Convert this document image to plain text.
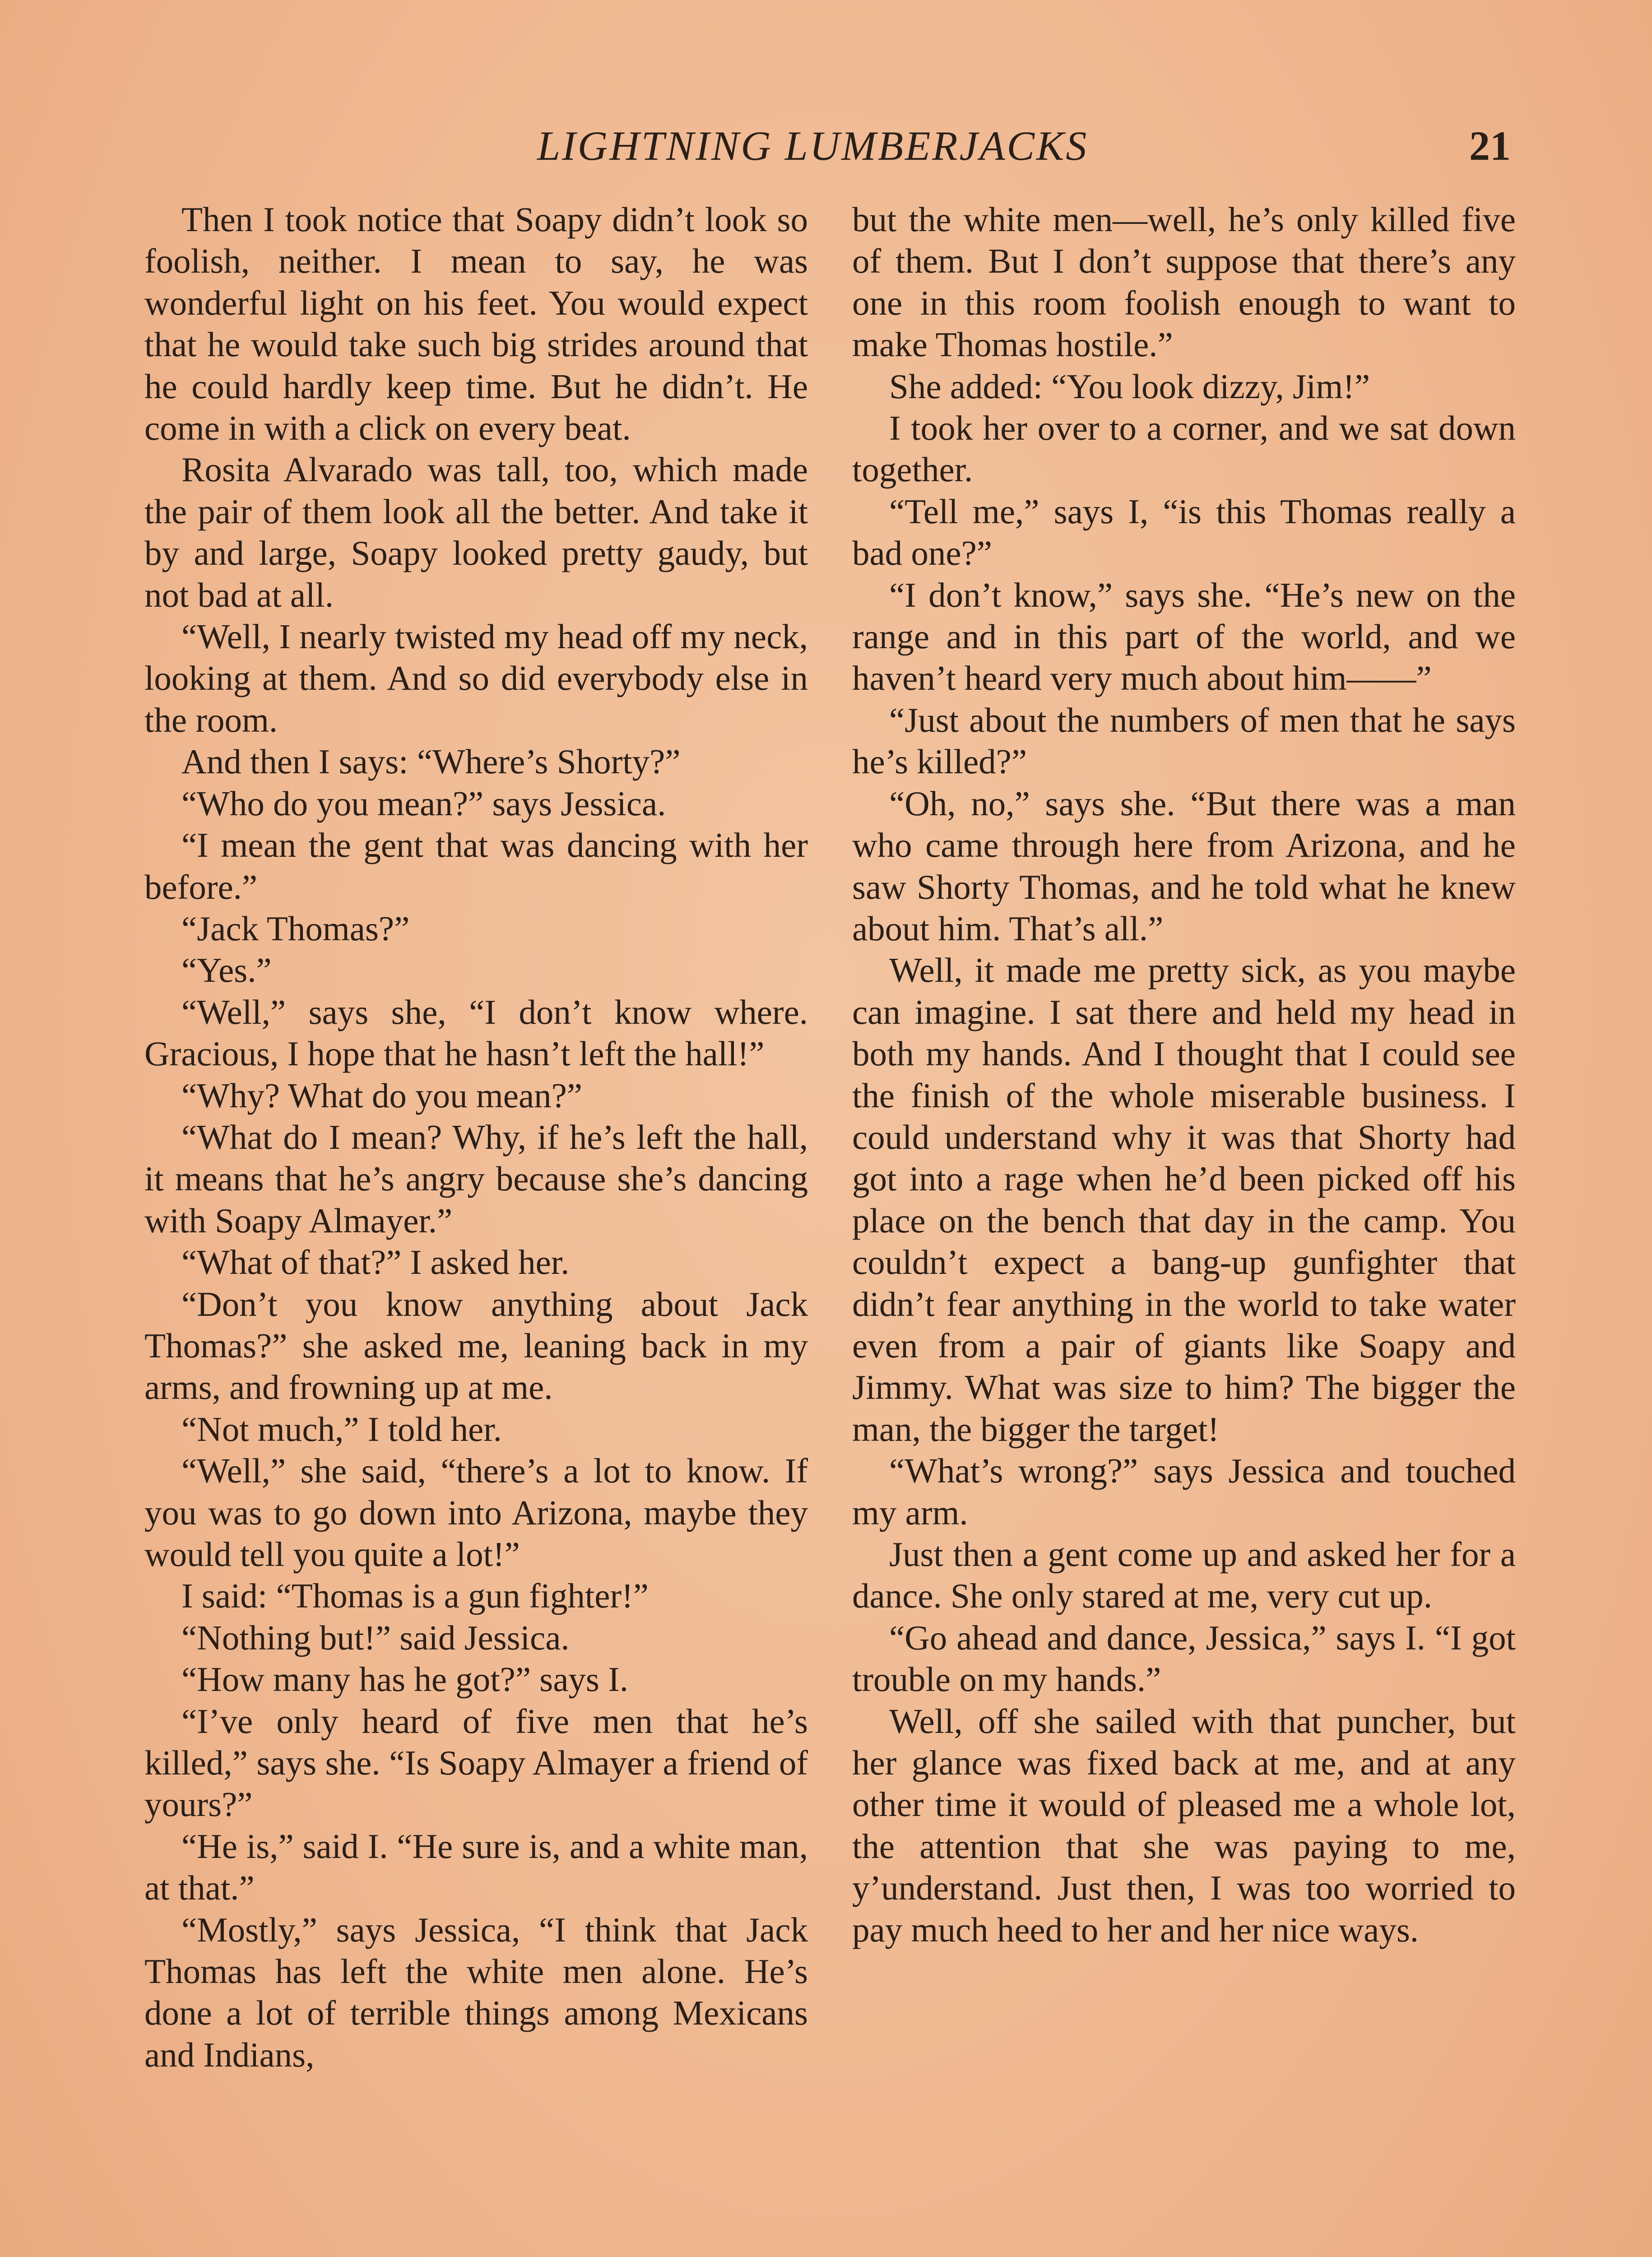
LIGHTNING LUMBERJACKS	21

Then I took notice that Soapy didn’t look so foolish, neither. I mean to say, he was wonderful light on his feet. You would expect that he would take such big strides around that he could hardly keep time. But he didn’t. He come in with a click on every beat.

Rosita Alvarado was tall, too, which made the pair of them look all the better. And take it by and large, Soapy looked pretty gaudy, but not bad at all.

“Well, I nearly twisted my head off my neck, looking at them. And so did everybody else in the room.

And then I says: “Where’s Shorty?”

“Who do you mean?” says Jessica.

“I mean the gent that was dancing with her before.”

“Jack Thomas?”

“Yes.”

“Well,” says she, “I don’t know where. Gracious, I hope that he hasn’t left the hall!”

“Why? What do you mean?”

“What do I mean? Why, if he’s left the hall, it means that he’s angry because she’s dancing with Soapy Almayer.”

“What of that?” I asked her.

“Don’t you know anything about Jack Thomas?” she asked me, leaning back in my arms, and frowning up at me.

“Not much,” I told her.

“Well,” she said, “there’s a lot to know. If you was to go down into Arizona, maybe they would tell you quite a lot!”

I said: “Thomas is a gun fighter!”

“Nothing but!” said Jessica.

“How many has he got?” says I.

“I’ve only heard of five men that he’s killed,” says she. “Is Soapy Almayer a friend of yours?”

“He is,” said I. “He sure is, and a white man, at that.”

“Mostly,” says Jessica, “I think that Jack Thomas has left the white men alone. He’s done a lot of terrible things among Mexicans and Indians,

but the white men—well, he’s only killed five of them. But I don’t suppose that there’s any one in this room foolish enough to want to make Thomas hostile.”

She added: “You look dizzy, Jim!”

I took her over to a corner, and we sat down together.

“Tell me,” says I, “is this Thomas really a bad one?”

“I don’t know,” says she. “He’s new on the range and in this part of the world, and we haven’t heard very much about him——”

“Just about the numbers of men that he says he’s killed?”

“Oh, no,” says she. “But there was a man who came through here from Arizona, and he saw Shorty Thomas, and he told what he knew about him. That’s all.”

Well, it made me pretty sick, as you maybe can imagine. I sat there and held my head in both my hands. And I thought that I could see the finish of the whole miserable business. I could understand why it was that Shorty had got into a rage when he’d been picked off his place on the bench that day in the camp. You couldn’t expect a bang-up gunfighter that didn’t fear anything in the world to take water even from a pair of giants like Soapy and Jimmy. What was size to him? The bigger the man, the bigger the target!

“What’s wrong?” says Jessica and touched my arm.

Just then a gent come up and asked her for a dance. She only stared at me, very cut up.

“Go ahead and dance, Jessica,” says I. “I got trouble on my hands.”

Well, off she sailed with that puncher, but her glance was fixed back at me, and at any other time it would of pleased me a whole lot, the attention that she was paying to me, y’understand. Just then, I was too worried to pay much heed to her and her nice ways.
